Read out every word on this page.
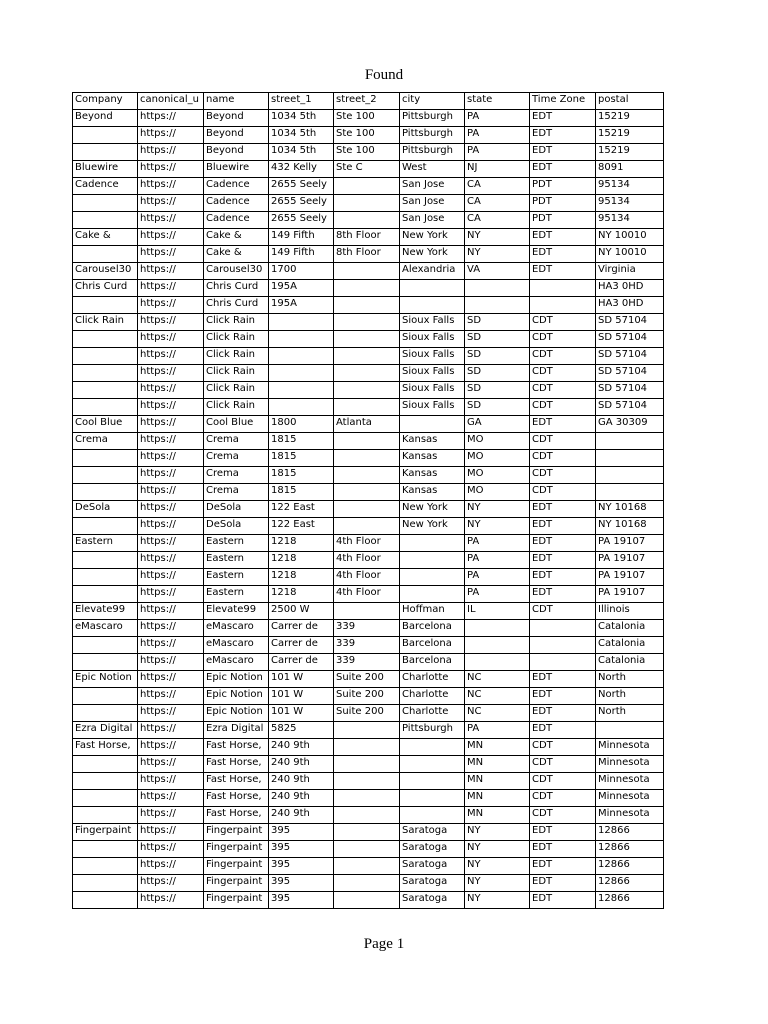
Found
Company	canonical_u	name	street_1	street_2	city	state	Time Zone	postal

Beyond	https://	Beyond	1034 5th	Ste 100	Pittsburgh	PA	EDT	15219

	https://	Beyond	1034 5th	Ste 100	Pittsburgh	PA	EDT	15219

	https://	Beyond	1034 5th	Ste 100	Pittsburgh	PA	EDT	15219

Bluewire	https://	Bluewire	432 Kelly	Ste C	West	NJ	EDT	8091

Cadence	https://	Cadence	2655 Seely		San Jose	CA	PDT	95134

	https://	Cadence	2655 Seely		San Jose	CA	PDT	95134

	https://	Cadence	2655 Seely		San Jose	CA	PDT	95134

Cake &	https://	Cake &	149 Fifth	8th Floor	New York	NY	EDT	NY 10010

	https://	Cake &	149 Fifth	8th Floor	New York	NY	EDT	NY 10010

Carousel30	https://	Carousel30	1700		Alexandria	VA	EDT	Virginia

Chris Curd	https://	Chris Curd	195A					HA3 0HD

	https://	Chris Curd	195A					HA3 0HD

Click Rain	https://	Click Rain			Sioux Falls	SD	CDT	SD 57104

	https://	Click Rain			Sioux Falls	SD	CDT	SD 57104

	https://	Click Rain			Sioux Falls	SD	CDT	SD 57104

	https://	Click Rain			Sioux Falls	SD	CDT	SD 57104

	https://	Click Rain			Sioux Falls	SD	CDT	SD 57104

	https://	Click Rain			Sioux Falls	SD	CDT	SD 57104

Cool Blue	https://	Cool Blue	1800	Atlanta		GA	EDT	GA 30309

Crema	https://	Crema	1815		Kansas	MO	CDT	

	https://	Crema	1815		Kansas	MO	CDT	

	https://	Crema	1815		Kansas	MO	CDT	

	https://	Crema	1815		Kansas	MO	CDT	

DeSola	https://	DeSola	122 East		New York	NY	EDT	NY 10168

	https://	DeSola	122 East		New York	NY	EDT	NY 10168

Eastern	https://	Eastern	1218	4th Floor		PA	EDT	PA 19107

	https://	Eastern	1218	4th Floor		PA	EDT	PA 19107

	https://	Eastern	1218	4th Floor		PA	EDT	PA 19107

	https://	Eastern	1218	4th Floor		PA	EDT	PA 19107

Elevate99	https://	Elevate99	2500 W		Hoffman	IL	CDT	Illinois

eMascaro	https://	eMascaro	Carrer de	339	Barcelona			Catalonia

	https://	eMascaro	Carrer de	339	Barcelona			Catalonia

	https://	eMascaro	Carrer de	339	Barcelona			Catalonia

Epic Notion	https://	Epic Notion	101 W	Suite 200	Charlotte	NC	EDT	North

	https://	Epic Notion	101 W	Suite 200	Charlotte	NC	EDT	North

	https://	Epic Notion	101 W	Suite 200	Charlotte	NC	EDT	North

Ezra Digital	https://	Ezra Digital	5825		Pittsburgh	PA	EDT	

Fast Horse,	https://	Fast Horse,	240 9th			MN	CDT	Minnesota

	https://	Fast Horse,	240 9th			MN	CDT	Minnesota

	https://	Fast Horse,	240 9th			MN	CDT	Minnesota

	https://	Fast Horse,	240 9th			MN	CDT	Minnesota

	https://	Fast Horse,	240 9th			MN	CDT	Minnesota

Fingerpaint	https://	Fingerpaint	395		Saratoga	NY	EDT	12866

	https://	Fingerpaint	395		Saratoga	NY	EDT	12866

	https://	Fingerpaint	395		Saratoga	NY	EDT	12866

	https://	Fingerpaint	395		Saratoga	NY	EDT	12866

	https://	Fingerpaint	395		Saratoga	NY	EDT	12866
Page 1
